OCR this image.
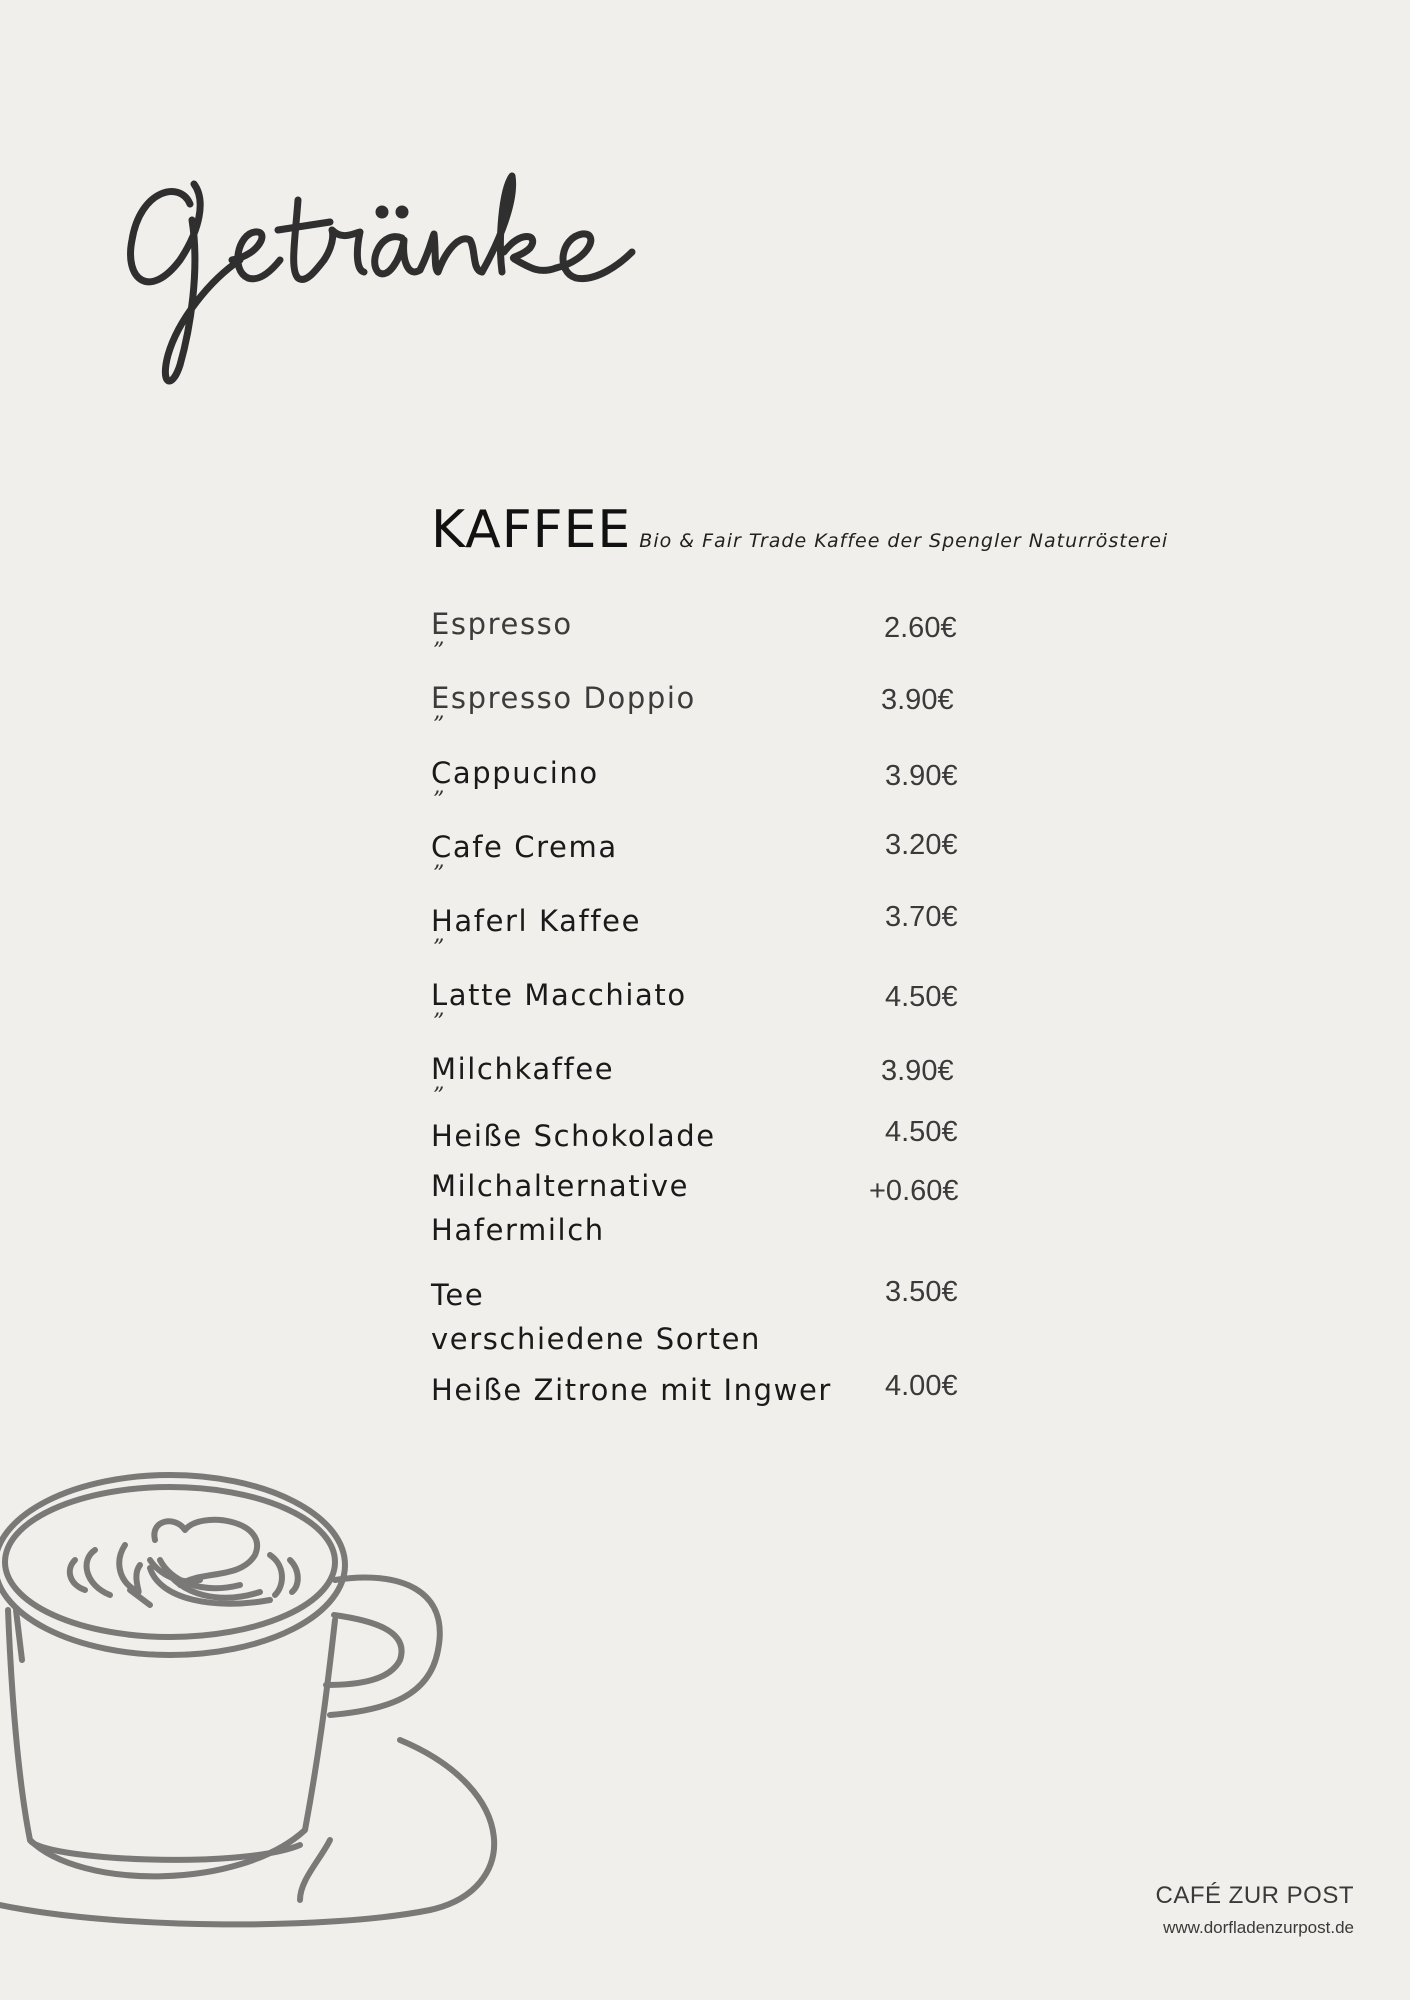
KAFFEE Bio & Fair Trade Kaffee der Spengler Naturrösterei
Espresso
”
2.60€
Espresso Doppio
”
3.90€
Cappucino
”
3.90€
Cafe Crema
”
3.20€
Haferl Kaffee
”
3.70€
Latte Macchiato
”
4.50€
Milchkaffee
”
3.90€
Heiße Schokolade	4.50€
Milchalternative
Hafermilch
+0.60€
Tee
verschiedene Sorten
3.50€
Heiße Zitrone mit Ingwer	4.00€
CAFÉ ZUR POST
www.dorfladenzurpost.de
